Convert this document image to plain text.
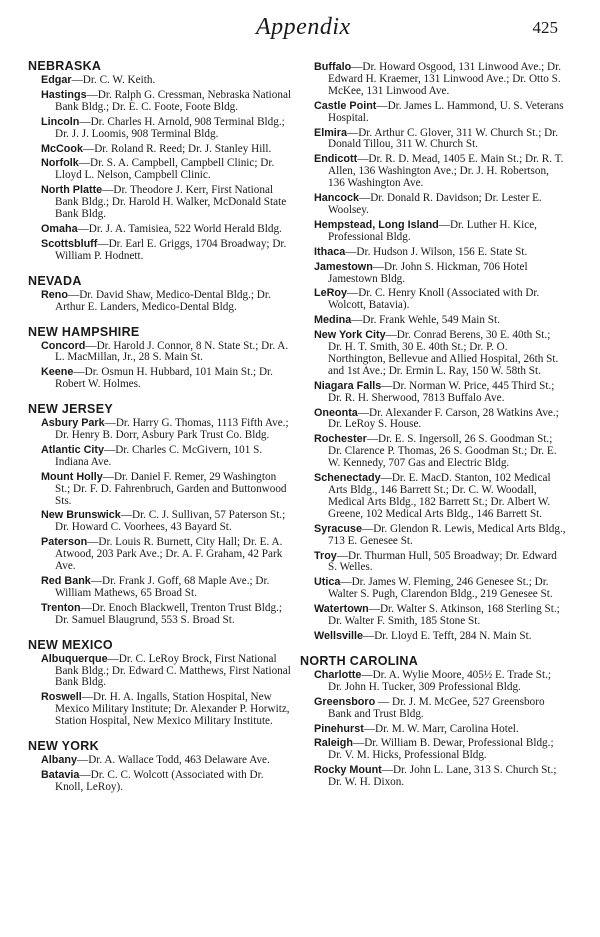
Appendix	425
NEBRASKA
Edgar—Dr. C. W. Keith.
Hastings—Dr. Ralph G. Cressman, Nebraska National Bank Bldg.; Dr. E. C. Foote, Foote Bldg.
Lincoln—Dr. Charles H. Arnold, 908 Terminal Bldg.; Dr. J. J. Loomis, 908 Terminal Bldg.
McCook—Dr. Roland R. Reed; Dr. J. Stanley Hill.
Norfolk—Dr. S. A. Campbell, Campbell Clinic; Dr. Lloyd L. Nelson, Campbell Clinic.
North Platte—Dr. Theodore J. Kerr, First National Bank Bldg.; Dr. Harold H. Walker, McDonald State Bank Bldg.
Omaha—Dr. J. A. Tamisiea, 522 World Herald Bldg.
Scottsbluff—Dr. Earl E. Griggs, 1704 Broadway; Dr. William P. Hodnett.
NEVADA
Reno—Dr. David Shaw, Medico-Dental Bldg.; Dr. Arthur E. Landers, Medico-Dental Bldg.
NEW HAMPSHIRE
Concord—Dr. Harold J. Connor, 8 N. State St.; Dr. A. L. MacMillan, Jr., 28 S. Main St.
Keene—Dr. Osmun H. Hubbard, 101 Main St.; Dr. Robert W. Holmes.
NEW JERSEY
Asbury Park—Dr. Harry G. Thomas, 1113 Fifth Ave.; Dr. Henry B. Dorr, Asbury Park Trust Co. Bldg.
Atlantic City—Dr. Charles C. McGivern, 101 S. Indiana Ave.
Mount Holly—Dr. Daniel F. Remer, 29 Washington St.; Dr. F. D. Fahrenbruch, Garden and Buttonwood Sts.
New Brunswick—Dr. C. J. Sullivan, 57 Paterson St.; Dr. Howard C. Voorhees, 43 Bayard St.
Paterson—Dr. Louis R. Burnett, City Hall; Dr. E. A. Atwood, 203 Park Ave.; Dr. A. F. Graham, 42 Park Ave.
Red Bank—Dr. Frank J. Goff, 68 Maple Ave.; Dr. William Mathews, 65 Broad St.
Trenton—Dr. Enoch Blackwell, Trenton Trust Bldg.; Dr. Samuel Blaugrund, 553 S. Broad St.
NEW MEXICO
Albuquerque—Dr. C. LeRoy Brock, First National Bank Bldg.; Dr. Edward C. Matthews, First National Bank Bldg.
Roswell—Dr. H. A. Ingalls, Station Hospital, New Mexico Military Institute; Dr. Alexander P. Horwitz, Station Hospital, New Mexico Military Institute.
NEW YORK
Albany—Dr. A. Wallace Todd, 463 Delaware Ave.
Batavia—Dr. C. C. Wolcott (Associated with Dr. Knoll, LeRoy).
Buffalo—Dr. Howard Osgood, 131 Linwood Ave.; Dr. Edward H. Kraemer, 131 Linwood Ave.; Dr. Otto S. McKee, 131 Linwood Ave.
Castle Point—Dr. James L. Hammond, U. S. Veterans Hospital.
Elmira—Dr. Arthur C. Glover, 311 W. Church St.; Dr. Donald Tillou, 311 W. Church St.
Endicott—Dr. R. D. Mead, 1405 E. Main St.; Dr. R. T. Allen, 136 Washington Ave.; Dr. J. H. Robertson, 136 Washington Ave.
Hancock—Dr. Donald R. Davidson; Dr. Lester E. Woolsey.
Hempstead, Long Island—Dr. Luther H. Kice, Professional Bldg.
Ithaca—Dr. Hudson J. Wilson, 156 E. State St.
Jamestown—Dr. John S. Hickman, 706 Hotel Jamestown Bldg.
LeRoy—Dr. C. Henry Knoll (Associated with Dr. Wolcott, Batavia).
Medina—Dr. Frank Wehle, 549 Main St.
New York City—Dr. Conrad Berens, 30 E. 40th St.; Dr. H. T. Smith, 30 E. 40th St.; Dr. P. O. Northington, Bellevue and Allied Hospital, 26th St. and 1st Ave.; Dr. Ermin L. Ray, 150 W. 58th St.
Niagara Falls—Dr. Norman W. Price, 445 Third St.; Dr. R. H. Sherwood, 7813 Buffalo Ave.
Oneonta—Dr. Alexander F. Carson, 28 Watkins Ave.; Dr. LeRoy S. House.
Rochester—Dr. E. S. Ingersoll, 26 S. Goodman St.; Dr. Clarence P. Thomas, 26 S. Goodman St.; Dr. E. W. Kennedy, 707 Gas and Electric Bldg.
Schenectady—Dr. E. MacD. Stanton, 102 Medical Arts Bldg., 146 Barrett St.; Dr. C. W. Woodall, Medical Arts Bldg., 182 Barrett St.; Dr. Albert W. Greene, 102 Medical Arts Bldg., 146 Barrett St.
Syracuse—Dr. Glendon R. Lewis, Medical Arts Bldg., 713 E. Genesee St.
Troy—Dr. Thurman Hull, 505 Broadway; Dr. Edward S. Welles.
Utica—Dr. James W. Fleming, 246 Genesee St.; Dr. Walter S. Pugh, Clarendon Bldg., 219 Genesee St.
Watertown—Dr. Walter S. Atkinson, 168 Sterling St.; Dr. Walter F. Smith, 185 Stone St.
Wellsville—Dr. Lloyd E. Tefft, 284 N. Main St.
NORTH CAROLINA
Charlotte—Dr. A. Wylie Moore, 405½ E. Trade St.; Dr. John H. Tucker, 309 Professional Bldg.
Greensboro — Dr. J. M. McGee, 527 Greensboro Bank and Trust Bldg.
Pinehurst—Dr. M. W. Marr, Carolina Hotel.
Raleigh—Dr. William B. Dewar, Professional Bldg.; Dr. V. M. Hicks, Professional Bldg.
Rocky Mount—Dr. John L. Lane, 313 S. Church St.; Dr. W. H. Dixon.
